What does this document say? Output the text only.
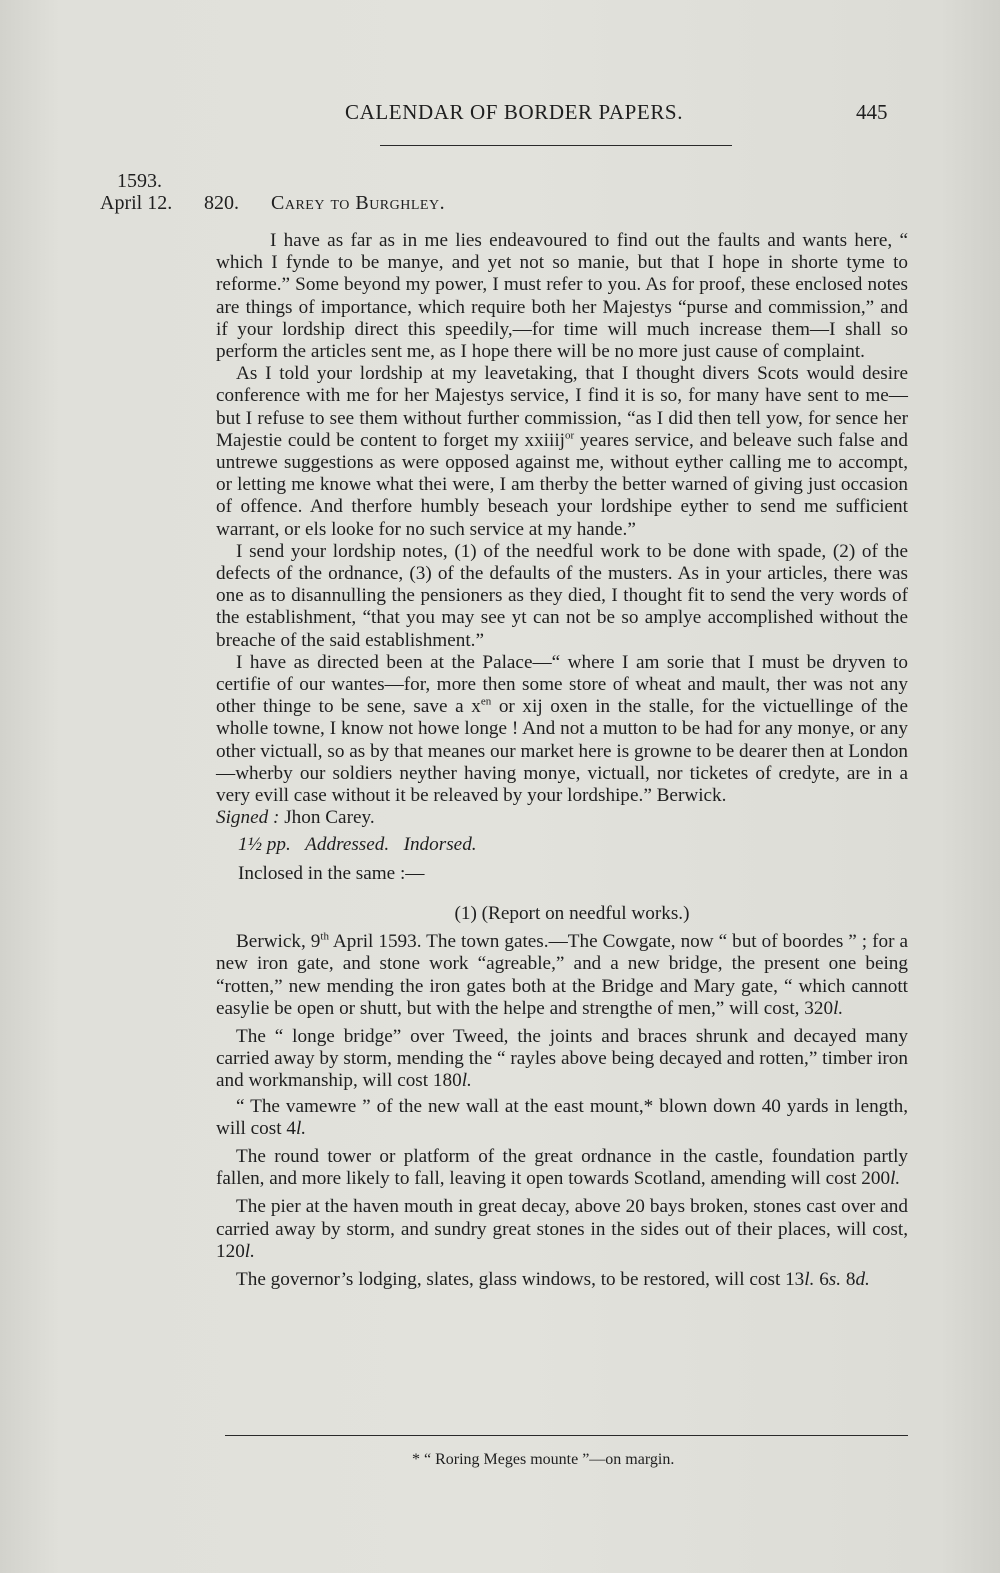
CALENDAR OF BORDER PAPERS.	445
1593.
April 12. 820. Carey to Burghley.

I have as far as in me lies endeavoured to find out the faults and wants here, “ which I fynde to be manye, and yet not so manie, but that I hope in shorte tyme to reforme.” Some beyond my power, I must refer to you. As for proof, these enclosed notes are things of importance, which require both her Majestys “purse and commission,” and if your lordship direct this speedily,—for time will much increase them—I shall so perform the articles sent me, as I hope there will be no more just cause of complaint.

As I told your lordship at my leavetaking, that I thought divers Scots would desire conference with me for her Majestys service, I find it is so, for many have sent to me—but I refuse to see them without further commission, “as I did then tell yow, for sence her Majestie could be content to forget my xxiiij$^{or}$ yeares service, and beleave such false and untrewe suggestions as were opposed against me, without eyther calling me to accompt, or letting me knowe what thei were, I am therby the better warned of giving just occasion of offence. And therfore humbly beseach your lordshipe eyther to send me sufficient warrant, or els looke for no such service at my hande.”

I send your lordship notes, (1) of the needful work to be done with spade, (2) of the defects of the ordnance, (3) of the defaults of the musters. As in your articles, there was one as to disannulling the pensioners as they died, I thought fit to send the very words of the establishment, “that you may see yt can not be so amplye accomplished without the breache of the said establishment.”

I have as directed been at the Palace—“ where I am sorie that I must be dryven to certifie of our wantes—for, more then some store of wheat and mault, ther was not any other thinge to be sene, save a $x^{en}$ or xij oxen in the stalle, for the victuellinge of the wholle towne, I know not howe longe ! And not a mutton to be had for any monye, or any other victuall, so as by that meanes our market here is growne to be dearer then at London—wherby our soldiers neyther having monye, victuall, nor ticketes of credyte, are in a very evill case without it be releaved by your lordshipe.” Berwick.
Signed : Jhon Carey.

1½ pp. Addressed. Indorsed.

Inclosed in the same :—

(1) (Report on needful works.)

Berwick, 9th April 1593. The town gates.—The Cowgate, now “ but of boordes ” ; for a new iron gate, and stone work “agreable,” and a new bridge, the present one being “rotten,” new mending the iron gates both at the Bridge and Mary gate, “ which cannott easylie be open or shutt, but with the helpe and strengthe of men,” will cost, 320l.

The “ longe bridge” over Tweed, the joints and braces shrunk and decayed many carried away by storm, mending the “ rayles above being decayed and rotten,” timber iron and workmanship, will cost 180l.

“ The vamewre ” of the new wall at the east mount,* blown down 40 yards in length, will cost 4l.

The round tower or platform of the great ordnance in the castle, foundation partly fallen, and more likely to fall, leaving it open towards Scotland, amending will cost 200l.

The pier at the haven mouth in great decay, above 20 bays broken, stones cast over and carried away by storm, and sundry great stones in the sides out of their places, will cost, 120l.

The governor’s lodging, slates, glass windows, to be restored, will cost 13l. 6s. 8d.

* “ Roring Meges mounte ”—on margin.
